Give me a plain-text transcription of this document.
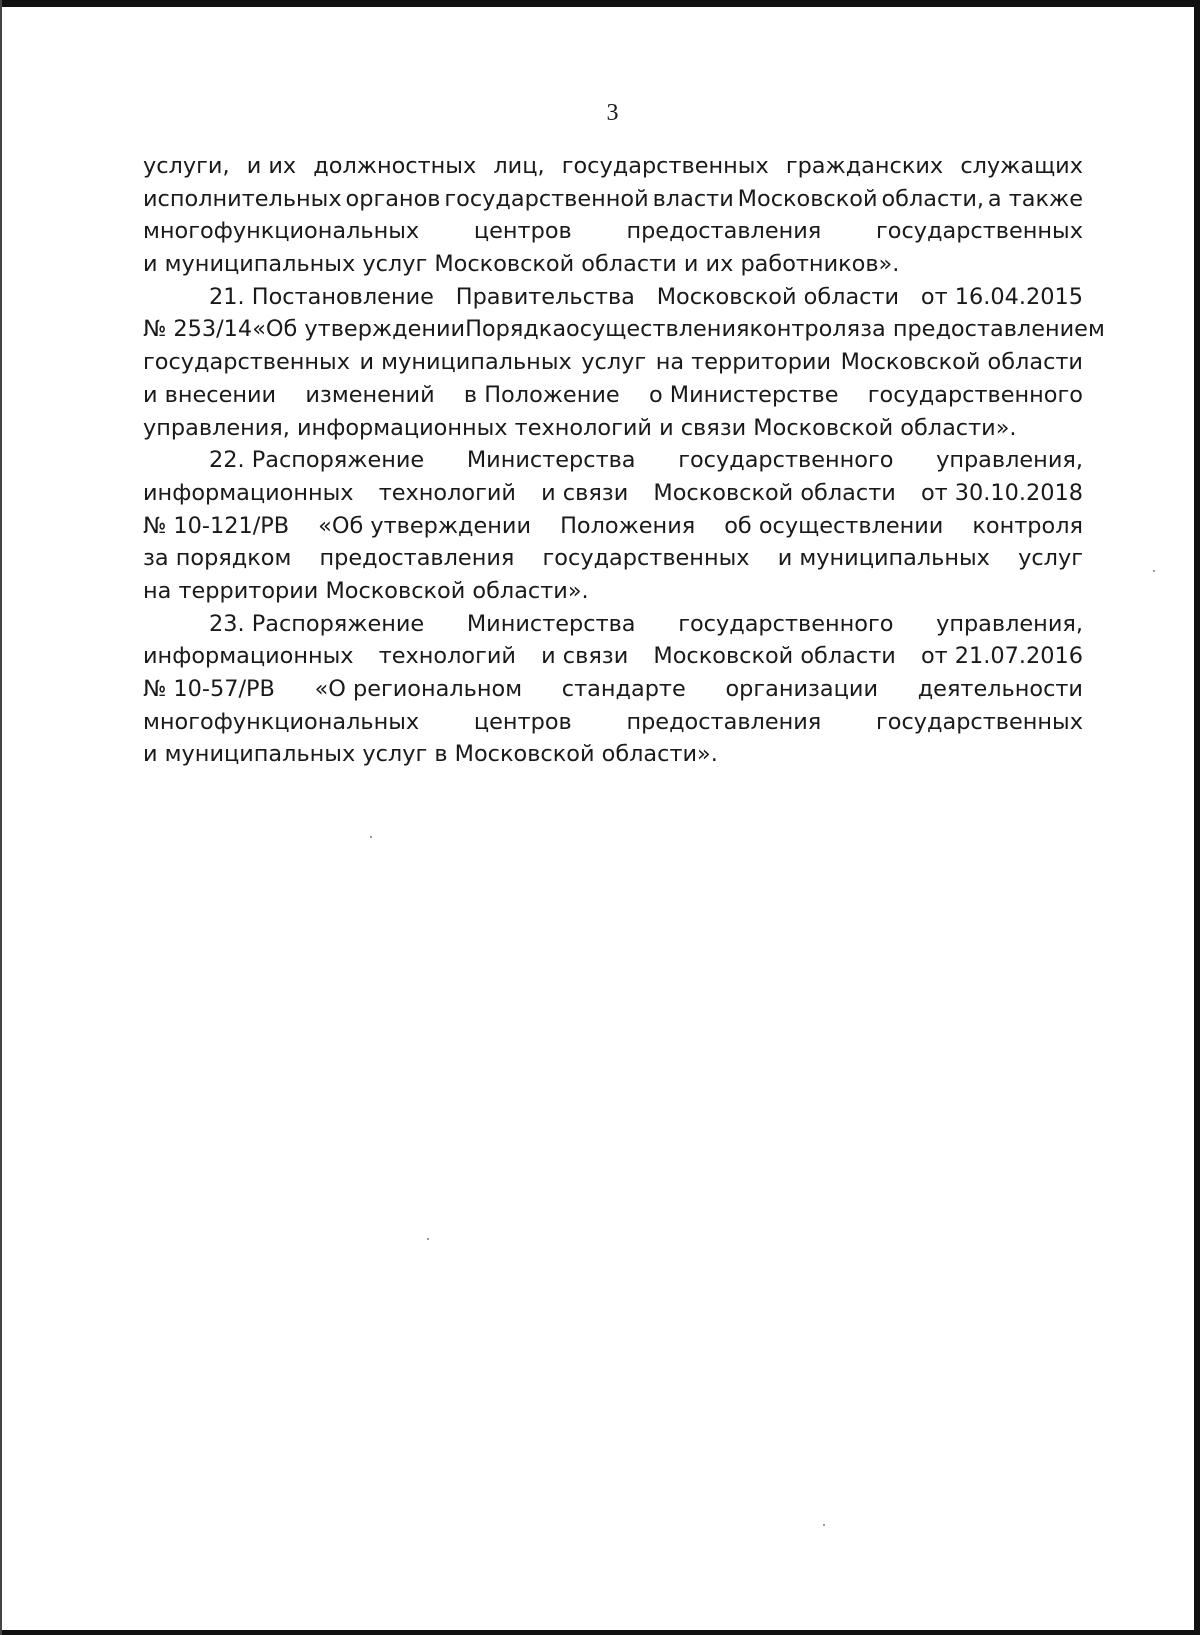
3
услуги, и их должностных лиц, государственных гражданских служащих
исполнительных органов государственной власти Московской области, а также
многофункциональных центров предоставления государственных
и муниципальных услуг Московской области и их работников».
21. Постановление Правительства Московской области от 16.04.2015
№ 253/14 «Об утверждении Порядка осуществления контроля за предоставлением
государственных и муниципальных услуг на территории Московской области
и внесении изменений в Положение о Министерстве государственного
управления, информационных технологий и связи Московской области».
22. Распоряжение Министерства государственного управления,
информационных технологий и связи Московской области от 30.10.2018
№ 10-121/РВ «Об утверждении Положения об осуществлении контроля
за порядком предоставления государственных и муниципальных услуг
на территории Московской области».
23. Распоряжение Министерства государственного управления,
информационных технологий и связи Московской области от 21.07.2016
№ 10-57/РВ «О региональном стандарте организации деятельности
многофункциональных центров предоставления государственных
и муниципальных услуг в Московской области».
